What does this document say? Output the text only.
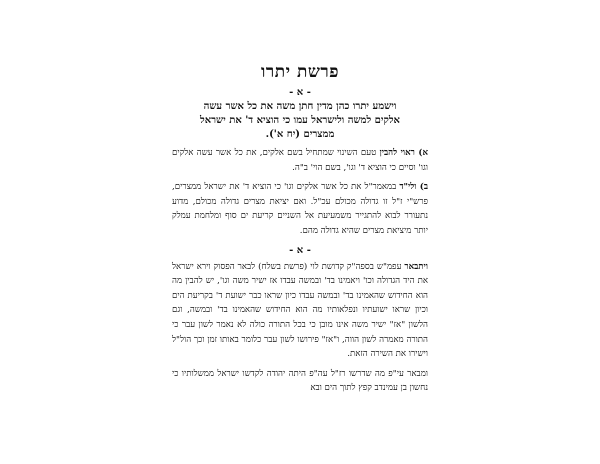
פרשת יתרו

- א -

וישמע יתרו כהן מדין חתן משה את כל אשר עשה
אלקים למשה ולישראל עמו כי הוציא ד' את ישראל
ממצרים (יח א').

א) ראוי להבין טעם השינוי שמתחיל בשם אלקים, את כל אשר עשה אלקים וגו' וסיים כי הוציא ד' וגו', בשם הוי' ב"ה.

ב) ולי"ד במאמר"ל את כל אשר אלקים וגו' כי הוציא ד' את ישראל ממצרים, פרש"י ז"ל זו גדולה מכולם עכ"ל. ואם יציאת מצרים גדולה מכולם, מדוע נתעורר לבוא להתגייר משמעיעת אל השניים קריעת ים סוף ומלחמת עמלק יותר מיציאת מצרים שהיא גדולה מהם.

- א -

ויתבאר עפמ"ש בספה"ק קדושת לוי (פרשת בשלח) לבאר הפסוק וירא ישראל את היד הגדולה וכו' ויאמינו בד' ובמשה עבדו אז ישיר משה וגו', יש להבין מה הוא החידוש שהאמינו בד' ובמשה עבדו כיון שראו כבר ישועת ד' בקריעת הים וכיון שראו ישועתיו ונפלאותיו מה הוא החידוש שהאמינו בד' ובמשה, וגם הלשון "אז" ישיר משה אינו מובן כי בכל התורה כולה לא נאמר לשון עבר כי התורה מאמרה לשון הווה, ו"אז" פירושו לשון עבר כלומר באותו זמן וכך הול"ל וישירו את השירה הזאת.

ומבאר עי"פ מה שדרשו רז"ל עה"פ היתה יהודה לקדשו ישראל ממשלותיו כי נחשון בן עמינדב קפץ לתוך הים ובא
